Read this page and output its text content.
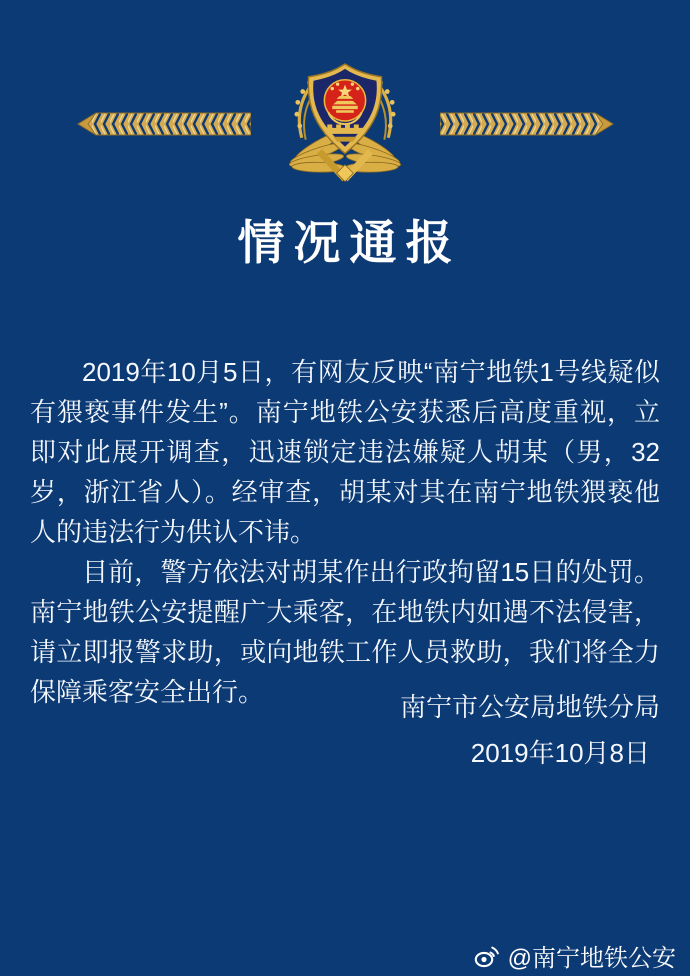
情况通报

2019年10月5日，有网友反映“南宁地铁1号线疑似有猥亵事件发生”。南宁地铁公安获悉后高度重视，立即对此展开调查，迅速锁定违法嫌疑人胡某（男，32岁，浙江省人）。经审查，胡某对其在南宁地铁猥亵他人的违法行为供认不讳。

目前，警方依法对胡某作出行政拘留15日的处罚。南宁地铁公安提醒广大乘客，在地铁内如遇不法侵害，请立即报警求助，或向地铁工作人员救助，我们将全力保障乘客安全出行。	南宁市公安局地铁分局
2019年10月8日
@南宁地铁公安
